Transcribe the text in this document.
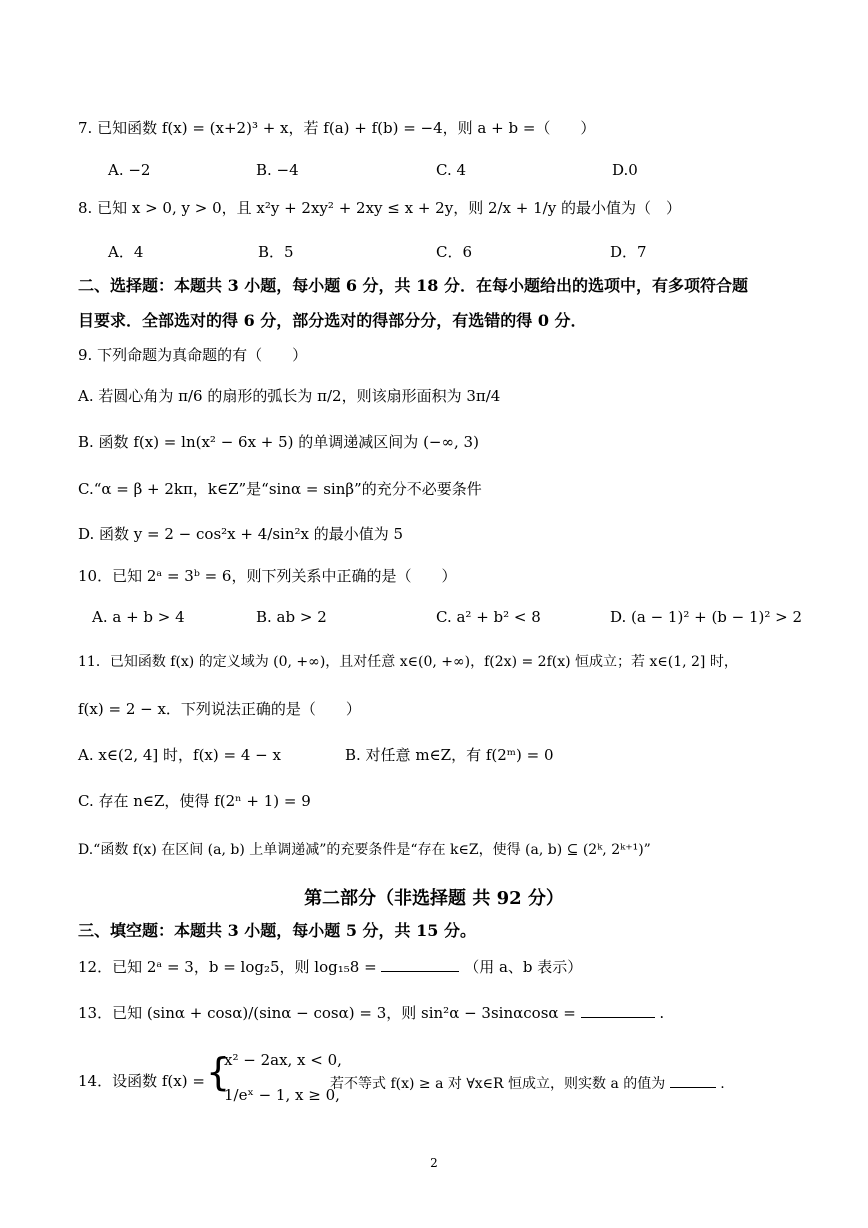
7. 已知函数 f(x) = (x+2)³ + x，若 f(a) + f(b) = −4，则 a + b =（　　）
A. −2	B. −4	C. 4	D.0
8. 已知 x > 0, y > 0，且 x²y + 2xy² + 2xy ≤ x + 2y，则 2/x + 1/y 的最小值为（　）
A．4	B．5	C．6	D．7
二、选择题：本题共 3 小题，每小题 6 分，共 18 分．在每小题给出的选项中，有多项符合题
目要求．全部选对的得 6 分，部分选对的得部分分，有选错的得 0 分．
9. 下列命题为真命题的有（　　）
A. 若圆心角为 π/6 的扇形的弧长为 π/2，则该扇形面积为 3π/4
B. 函数 f(x) = ln(x² − 6x + 5) 的单调递减区间为 (−∞, 3)
C.“α = β + 2kπ，k∈Z”是“sinα = sinβ”的充分不必要条件
D. 函数 y = 2 − cos²x + 4/sin²x 的最小值为 5
10．已知 2ᵃ = 3ᵇ = 6，则下列关系中正确的是（　　）
A. a + b > 4	B. ab > 2	C. a² + b² < 8	D. (a − 1)² + (b − 1)² > 2
11．已知函数 f(x) 的定义域为 (0, +∞)，且对任意 x∈(0, +∞)，f(2x) = 2f(x) 恒成立；若 x∈(1, 2] 时，
f(x) = 2 − x．下列说法正确的是（　　）
A. x∈(2, 4] 时，f(x) = 4 − x	B. 对任意 m∈Z，有 f(2ᵐ) = 0
C. 存在 n∈Z，使得 f(2ⁿ + 1) = 9
D.“函数 f(x) 在区间 (a, b) 上单调递减”的充要条件是“存在 k∈Z，使得 (a, b) ⊆ (2ᵏ, 2ᵏ⁺¹)”
第二部分（非选择题 共 92 分）
三、填空题：本题共 3 小题，每小题 5 分，共 15 分。
12．已知 2ᵃ = 3，b = log₂5，则 log₁₅8 =	（用 a、b 表示）
13．已知 (sinα + cosα)/(sinα − cosα) = 3，则 sin²α − 3sinαcosα =	.
14．设函数 f(x) = {
x² − 2ax, x < 0,
1/eˣ − 1, x ≥ 0,
若不等式 f(x) ≥ a 对 ∀x∈R 恒成立，则实数 a 的值为	.
2
